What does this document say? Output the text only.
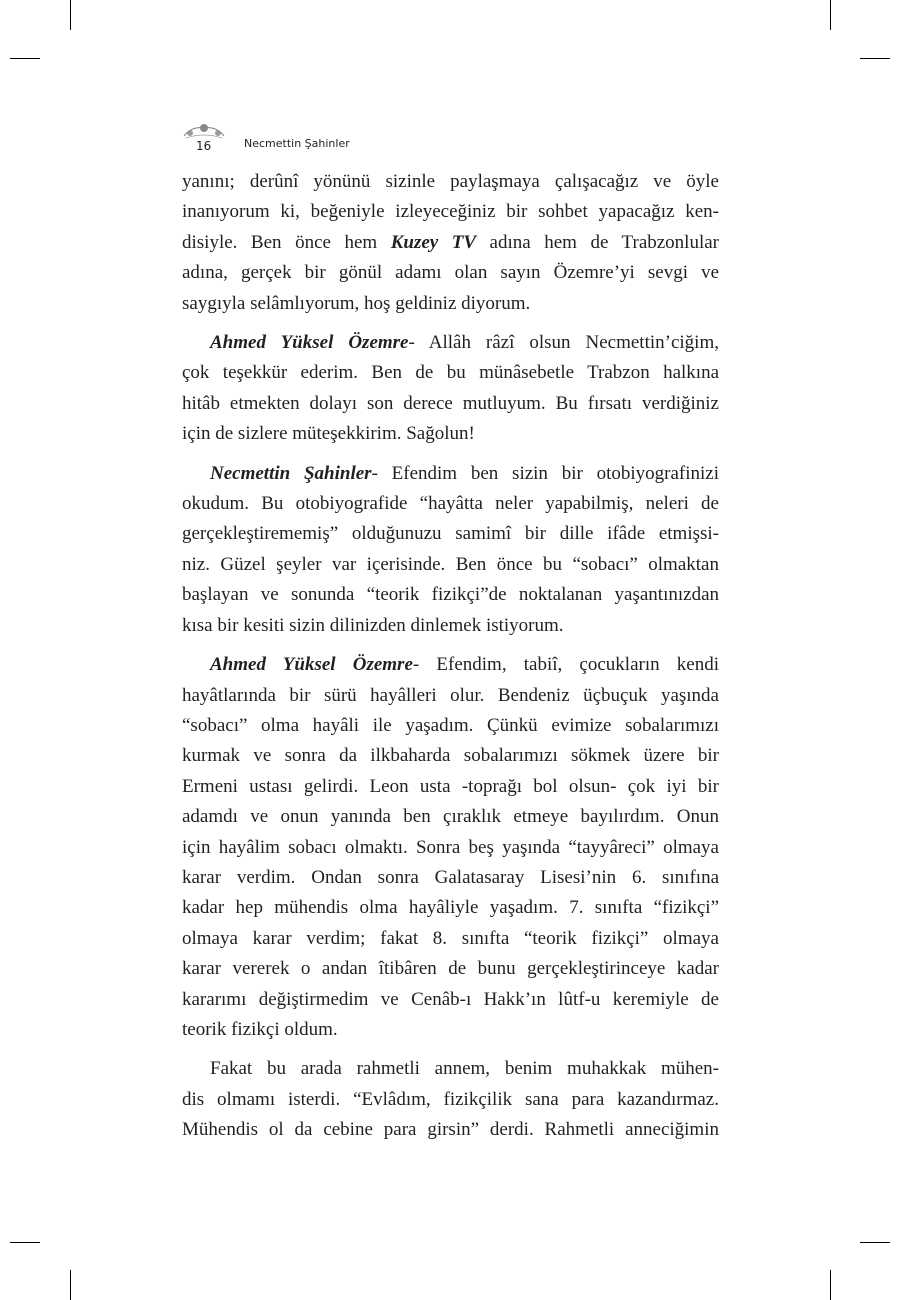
16	Necmettin Şahinler

yanını; derûnî yönünü sizinle paylaşmaya çalışacağız ve öyle
inanıyorum ki, beğeniyle izleyeceğiniz bir sohbet yapacağız ken-
disiyle. Ben önce hem Kuzey TV adına hem de Trabzonlular
adına, gerçek bir gönül adamı olan sayın Özemre’yi sevgi ve
saygıyla selâmlıyorum, hoş geldiniz diyorum.

Ahmed Yüksel Özemre- Allâh râzî olsun Necmettin’ciğim,
çok teşekkür ederim. Ben de bu münâsebetle Trabzon halkına
hitâb etmekten dolayı son derece mutluyum. Bu fırsatı verdiğiniz
için de sizlere müteşekkirim. Sağolun!

Necmettin Şahinler- Efendim ben sizin bir otobiyografinizi
okudum. Bu otobiyografide “hayâtta neler yapabilmiş, neleri de
gerçekleştirememiş” olduğunuzu samimî bir dille ifâde etmişsi-
niz. Güzel şeyler var içerisinde. Ben önce bu “sobacı” olmaktan
başlayan ve sonunda “teorik fizikçi”de noktalanan yaşantınızdan
kısa bir kesiti sizin dilinizden dinlemek istiyorum.

Ahmed Yüksel Özemre- Efendim, tabiî, çocukların kendi
hayâtlarında bir sürü hayâlleri olur. Bendeniz üçbuçuk yaşında
“sobacı” olma hayâli ile yaşadım. Çünkü evimize sobalarımızı
kurmak ve sonra da ilkbaharda sobalarımızı sökmek üzere bir
Ermeni ustası gelirdi. Leon usta -toprağı bol olsun- çok iyi bir
adamdı ve onun yanında ben çıraklık etmeye bayılırdım. Onun
için hayâlim sobacı olmaktı. Sonra beş yaşında “tayyâreci” olmaya
karar verdim. Ondan sonra Galatasaray Lisesi’nin 6. sınıfına
kadar hep mühendis olma hayâliyle yaşadım. 7. sınıfta “fizikçi”
olmaya karar verdim; fakat 8. sınıfta “teorik fizikçi” olmaya
karar vererek o andan îtibâren de bunu gerçekleştirinceye kadar
kararımı değiştirmedim ve Cenâb-ı Hakk’ın lûtf-u keremiyle de
teorik fizikçi oldum.

Fakat bu arada rahmetli annem, benim muhakkak mühen-
dis olmamı isterdi. “Evlâdım, fizikçilik sana para kazandırmaz.
Mühendis ol da cebine para girsin” derdi. Rahmetli anneciğimin
